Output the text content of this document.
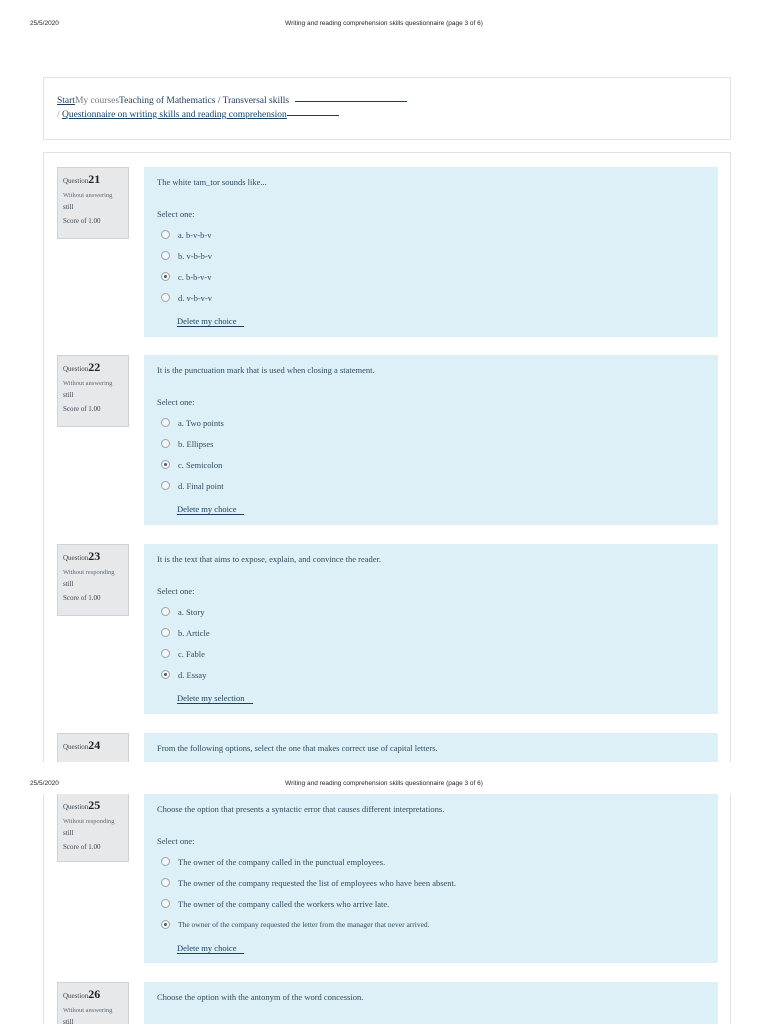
25/5/2020	Writing and reading comprehension skills questionnaire (page 3 of 6)
StartMy coursesTeaching of Mathematics / Transversal skills
/ Questionnaire on writing skills and reading comprehension
Question21
Without answering
still
Score of 1.00
The white tam_tor sounds like...
Select one:
a. b-v-b-v
b. v-b-b-v
c. b-b-v-v
d. v-b-v-v
Delete my choice
Question22
Without answering
still
Score of 1.00
It is the punctuation mark that is used when closing a statement.
Select one:
a. Two points
b. Ellipses
c. Semicolon
d. Final point
Delete my choice
Question23
Without responding
still
Score of 1.00
It is the text that aims to expose, explain, and convince the reader.
Select one:
a. Story
b. Article
c. Fable
d. Essay
Delete my selection
Question24	From the following options, select the one that makes correct use of capital letters.
25/5/2020	Writing and reading comprehension skills questionnaire (page 3 of 6)
Question25
Without responding
still
Score of 1.00
Choose the option that presents a syntactic error that causes different interpretations.
Select one:
The owner of the company called in the punctual employees.
The owner of the company requested the list of employees who have been absent.
The owner of the company called the workers who arrive late.
The owner of the company requested the letter from the manager that never arrived.
Delete my choice
Question26
Without answering
still
Choose the option with the antonym of the word concession.
